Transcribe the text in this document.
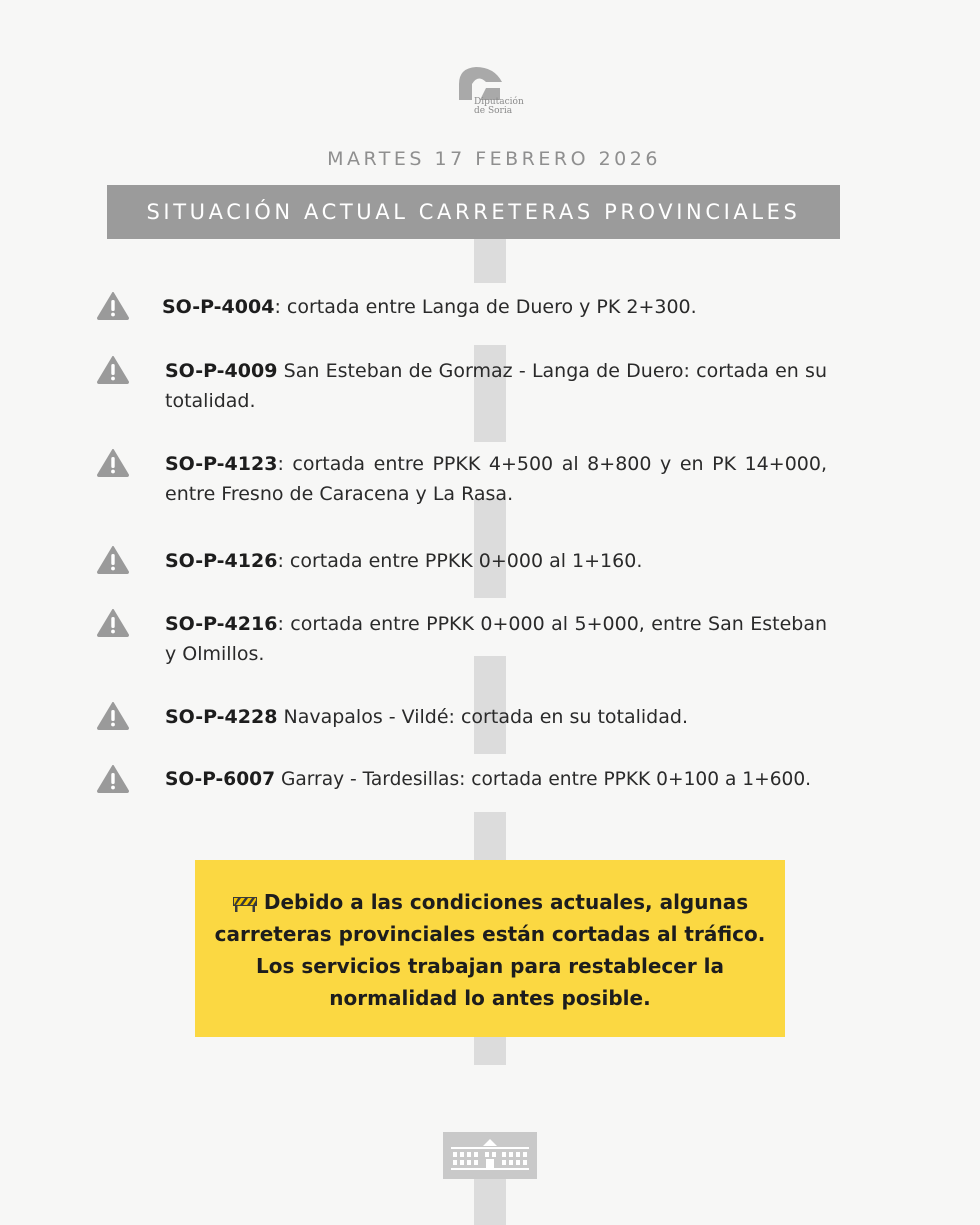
Diputación
de Soria
MARTES 17 FEBRERO 2026
SITUACIÓN ACTUAL CARRETERAS PROVINCIALES
SO-P-4004: cortada entre Langa de Duero y PK 2+300.
SO-P-4009 San Esteban de Gormaz - Langa de Duero: cortada en su totalidad.
SO-P-4123: cortada entre PPKK 4+500 al 8+800 y en PK 14+000, entre Fresno de Caracena y La Rasa.
SO-P-4126: cortada entre PPKK 0+000 al 1+160.
SO-P-4216: cortada entre PPKK 0+000 al 5+000, entre San Esteban y Olmillos.
SO-P-4228 Navapalos - Vildé: cortada en su totalidad.
SO-P-6007 Garray - Tardesillas: cortada entre PPKK 0+100 a 1+600.
Debido a las condiciones actuales, algunas carreteras provinciales están cortadas al tráfico. Los servicios trabajan para restablecer la normalidad lo antes posible.
